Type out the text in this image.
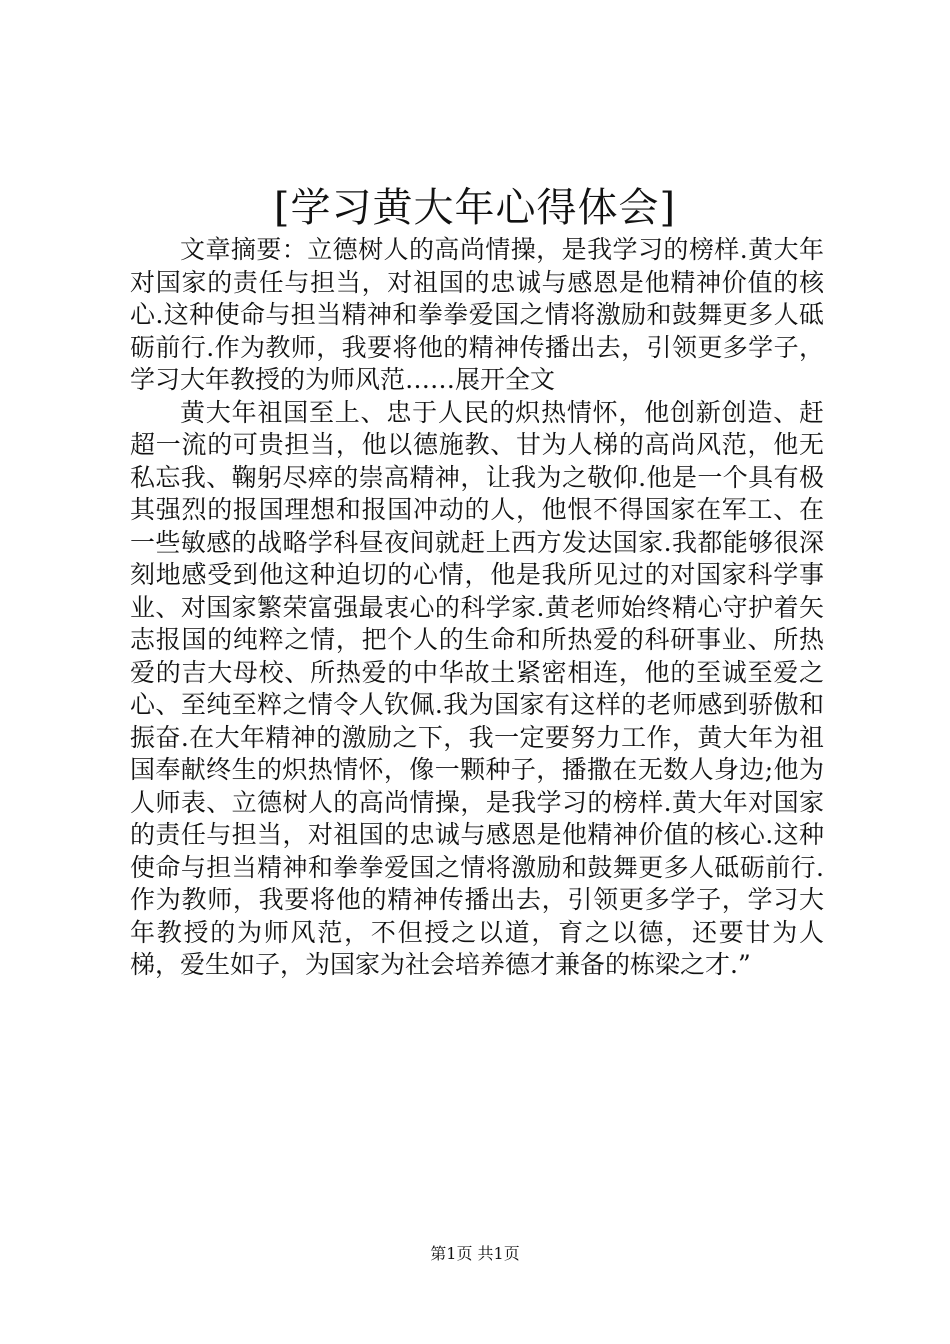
[学习黄大年心得体会]

文章摘要：立德树人的高尚情操，是我学习的榜样.黄大年对国家的责任与担当，对祖国的忠诚与感恩是他精神价值的核心.这种使命与担当精神和拳拳爱国之情将激励和鼓舞更多人砥砺前行.作为教师，我要将他的精神传播出去，引领更多学子，学习大年教授的为师风范……展开全文

黄大年祖国至上、忠于人民的炽热情怀，他创新创造、赶超一流的可贵担当，他以德施教、甘为人梯的高尚风范，他无私忘我、鞠躬尽瘁的崇高精神，让我为之敬仰.他是一个具有极其强烈的报国理想和报国冲动的人，他恨不得国家在军工、在一些敏感的战略学科昼夜间就赶上西方发达国家.我都能够很深刻地感受到他这种迫切的心情，他是我所见过的对国家科学事业、对国家繁荣富强最衷心的科学家.黄老师始终精心守护着矢志报国的纯粹之情，把个人的生命和所热爱的科研事业、所热爱的吉大母校、所热爱的中华故土紧密相连，他的至诚至爱之心、至纯至粹之情令人钦佩.我为国家有这样的老师感到骄傲和振奋.在大年精神的激励之下，我一定要努力工作，黄大年为祖国奉献终生的炽热情怀，像一颗种子，播撒在无数人身边;他为人师表、立德树人的高尚情操，是我学习的榜样.黄大年对国家的责任与担当，对祖国的忠诚与感恩是他精神价值的核心.这种使命与担当精神和拳拳爱国之情将激励和鼓舞更多人砥砺前行.作为教师，我要将他的精神传播出去，引领更多学子，学习大年教授的为师风范，不但授之以道，育之以德，还要甘为人梯，爱生如子，为国家为社会培养德才兼备的栋梁之才.”

第1页 共1页
